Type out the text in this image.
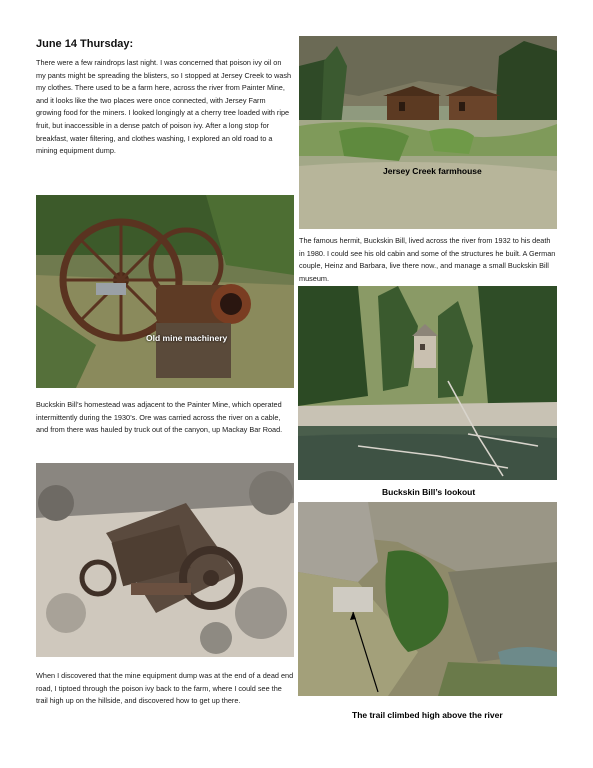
June 14 Thursday:

There were a few raindrops last night. I was concerned that poison ivy oil on my pants might be spreading the blisters, so I stopped at Jersey Creek to wash my clothes. There used to be a farm here, across the river from Painter Mine, and it looks like the two places were once connected, with Jersey Farm growing food for the miners. I looked longingly at a cherry tree loaded with ripe fruit, but inaccessible in a dense patch of poison ivy. After a long stop for breakfast, water filtering, and clothes washing, I explored an old road to a mining equipment dump.

Jersey Creek farmhouse
Old mine machinery

The famous hermit, Buckskin Bill, lived across the river from 1932 to his death in 1980. I could see his old cabin and some of the structures he built. A German couple, Heinz and Barbara, live there now., and manage a small Buckskin Bill museum.

Buckskin Bill’s lookout

Buckskin Bill’s homestead was adjacent to the Painter Mine, which operated intermittently during the 1930’s. Ore was carried across the river on a cable, and from there was hauled by truck out of the canyon, up Mackay Bar Road.

When I discovered that the mine equipment dump was at the end of a dead end road, I tiptoed through the poison ivy back to the farm, where I could see the trail high up on the hillside, and discovered how to get up there.

The trail climbed high above the river
